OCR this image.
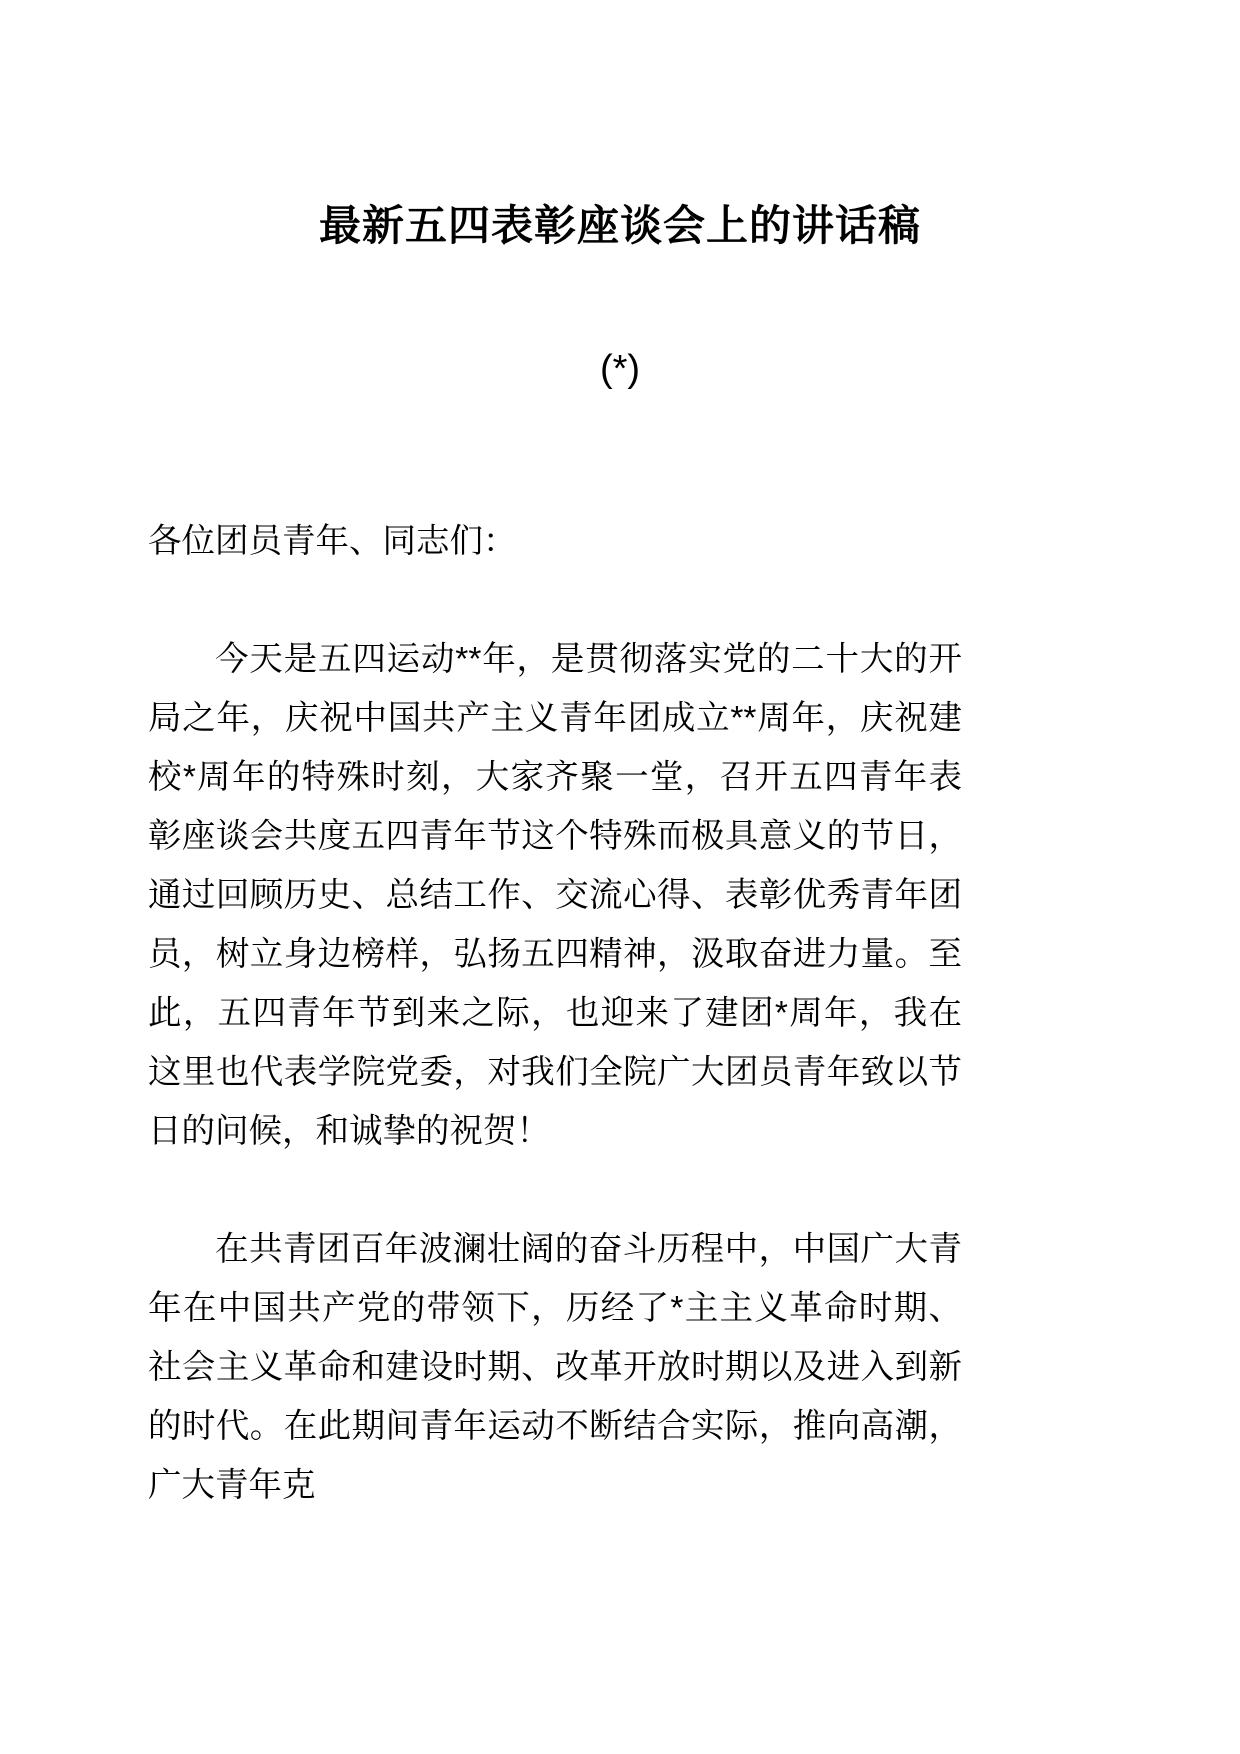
最新五四表彰座谈会上的讲话稿
(*)

各位团员青年、同志们：

今天是五四运动**年，是贯彻落实党的二十大的开局之年，庆祝中国共产主义青年团成立**周年，庆祝建校*周年的特殊时刻，大家齐聚一堂，召开五四青年表彰座谈会共度五四青年节这个特殊而极具意义的节日，通过回顾历史、总结工作、交流心得、表彰优秀青年团员，树立身边榜样，弘扬五四精神，汲取奋进力量。至此，五四青年节到来之际，也迎来了建团*周年，我在这里也代表学院党委，对我们全院广大团员青年致以节日的问候，和诚挚的祝贺！

在共青团百年波澜壮阔的奋斗历程中，中国广大青年在中国共产党的带领下，历经了*主主义革命时期、社会主义革命和建设时期、改革开放时期以及进入到新的时代。在此期间青年运动不断结合实际，推向高潮，广大青年克
